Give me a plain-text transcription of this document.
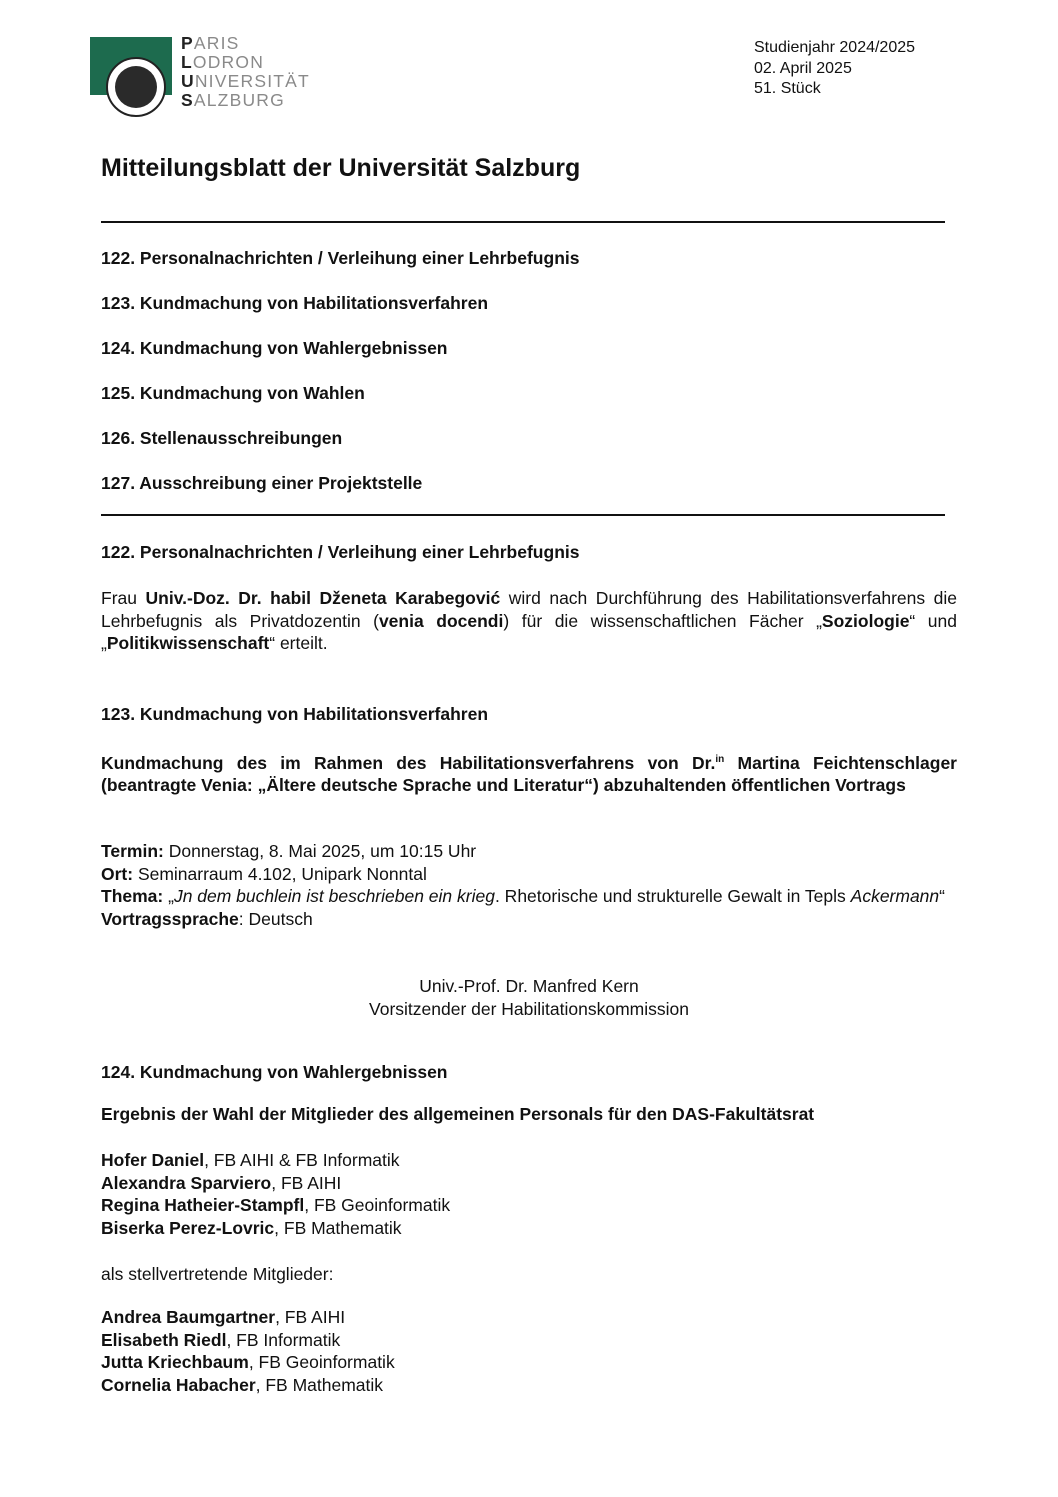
PARIS
LODRON
UNIVERSITÄT
SALZBURG
Studienjahr 2024/2025
02. April 2025
51. Stück
Mitteilungsblatt der Universität Salzburg
122. Personalnachrichten / Verleihung einer Lehrbefugnis
123. Kundmachung von Habilitationsverfahren
124. Kundmachung von Wahlergebnissen
125. Kundmachung von Wahlen
126. Stellenausschreibungen
127. Ausschreibung einer Projektstelle
122. Personalnachrichten / Verleihung einer Lehrbefugnis
Frau Univ.-Doz. Dr. habil Dženeta Karabegović wird nach Durchführung des Habilitationsverfahrens die Lehrbefugnis als Privatdozentin (venia docendi) für die wissenschaftlichen Fächer „Soziologie“ und „Politikwissenschaft“ erteilt.
123. Kundmachung von Habilitationsverfahren
Kundmachung des im Rahmen des Habilitationsverfahrens von Dr.$^{in}$ Martina Feichtenschlager (beantragte Venia: „Ältere deutsche Sprache und Literatur“) abzuhaltenden öffentlichen Vortrags
Termin: Donnerstag, 8. Mai 2025, um 10:15 Uhr
Ort: Seminarraum 4.102, Unipark Nonntal
Thema: „Jn dem buchlein ist beschrieben ein krieg. Rhetorische und strukturelle Gewalt in Tepls Ackermann“
Vortragssprache: Deutsch
Univ.-Prof. Dr. Manfred Kern
Vorsitzender der Habilitationskommission
124. Kundmachung von Wahlergebnissen
Ergebnis der Wahl der Mitglieder des allgemeinen Personals für den DAS-Fakultätsrat
Hofer Daniel, FB AIHI & FB Informatik
Alexandra Sparviero, FB AIHI
Regina Hatheier-Stampfl, FB Geoinformatik
Biserka Perez-Lovric, FB Mathematik
als stellvertretende Mitglieder:
Andrea Baumgartner, FB AIHI
Elisabeth Riedl, FB Informatik
Jutta Kriechbaum, FB Geoinformatik
Cornelia Habacher, FB Mathematik
